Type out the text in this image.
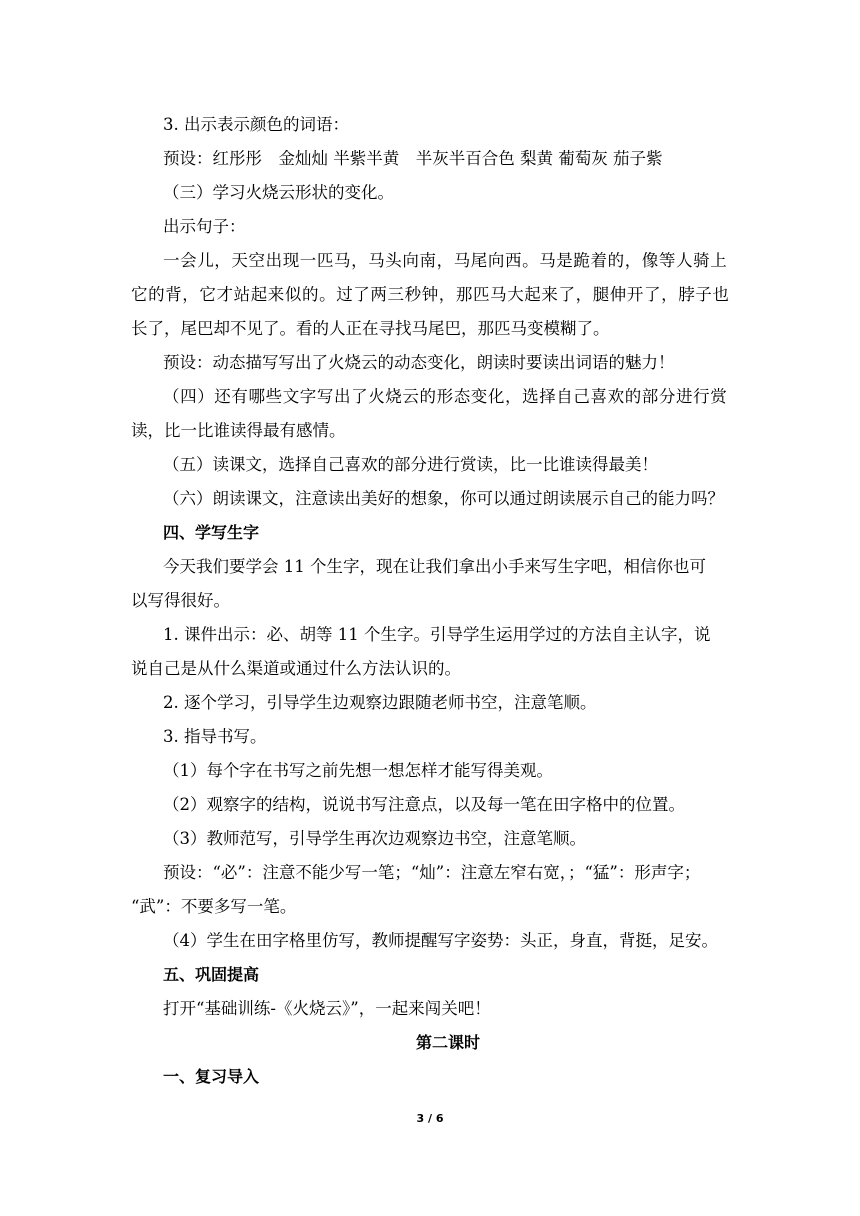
3. 出示表示颜色的词语：
预设：红彤彤　金灿灿 半紫半黄　半灰半百合色 梨黄 葡萄灰 茄子紫
（三）学习火烧云形状的变化。
出示句子：
一会儿，天空出现一匹马，马头向南，马尾向西。马是跪着的，像等人骑上
它的背，它才站起来似的。过了两三秒钟，那匹马大起来了，腿伸开了，脖子也
长了，尾巴却不见了。看的人正在寻找马尾巴，那匹马变模糊了。
预设：动态描写写出了火烧云的动态变化，朗读时要读出词语的魅力！
（四）还有哪些文字写出了火烧云的形态变化，选择自己喜欢的部分进行赏
读，比一比谁读得最有感情。
（五）读课文，选择自己喜欢的部分进行赏读，比一比谁读得最美！
（六）朗读课文，注意读出美好的想象，你可以通过朗读展示自己的能力吗？
四、学写生字
今天我们要学会 11 个生字，现在让我们拿出小手来写生字吧，相信你也可
以写得很好。
1. 课件出示：必、胡等 11 个生字。引导学生运用学过的方法自主认字，说
说自己是从什么渠道或通过什么方法认识的。
2. 逐个学习，引导学生边观察边跟随老师书空，注意笔顺。
3. 指导书写。
（1）每个字在书写之前先想一想怎样才能写得美观。
（2）观察字的结构，说说书写注意点，以及每一笔在田字格中的位置。
（3）教师范写，引导学生再次边观察边书空，注意笔顺。
预设：“必”：注意不能少写一笔；“灿”：注意左窄右宽，；“猛”：形声字；
“武”：不要多写一笔。
（4）学生在田字格里仿写，教师提醒写字姿势：头正，身直，背挺，足安。
五、巩固提高
打开“基础训练-《火烧云》”，一起来闯关吧！
第二课时
一、复习导入
3 / 6
